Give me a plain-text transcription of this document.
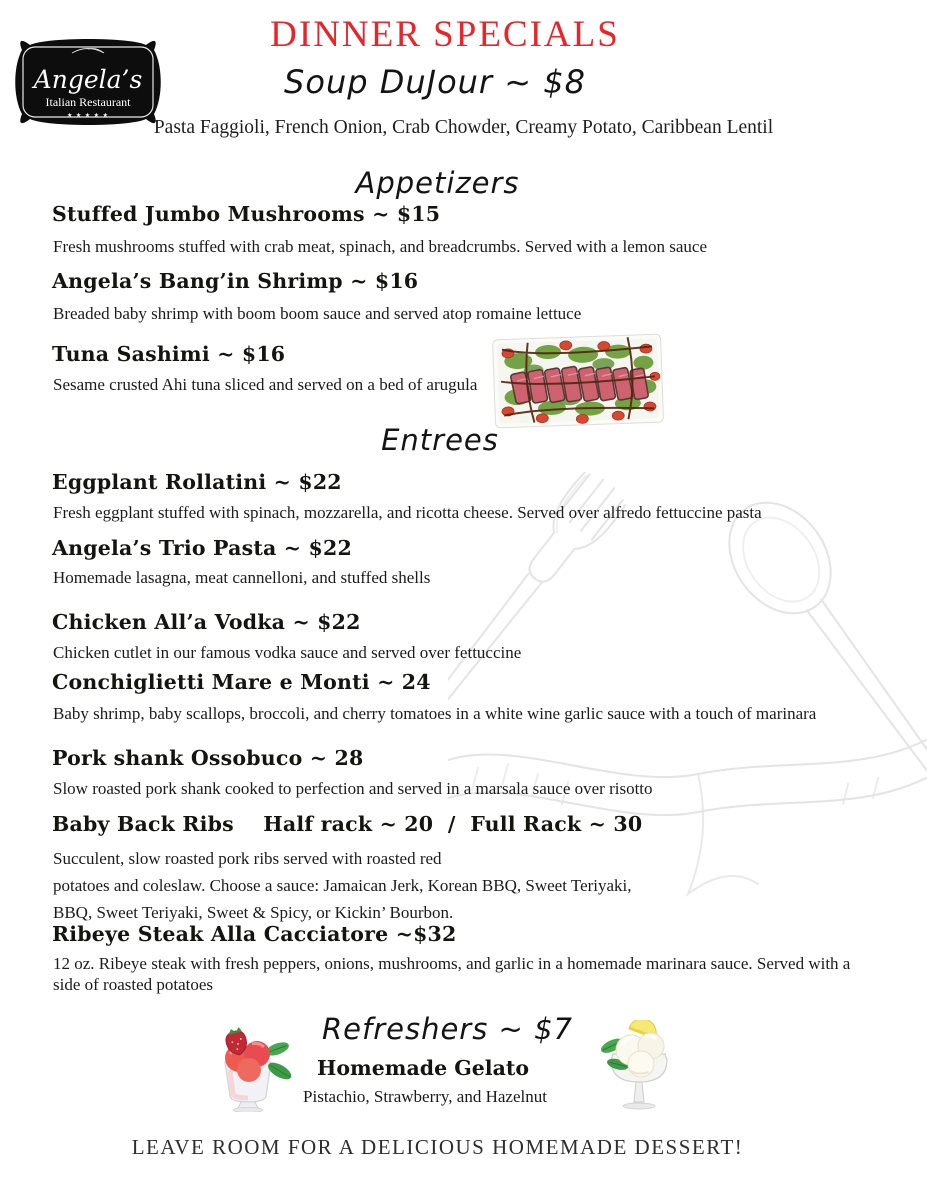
DINNER SPECIALS
Angela’s
Italian Restaurant
★ ★ ★ ★ ★
Soup DuJour ~ $8
Pasta Faggioli, French Onion, Crab Chowder, Creamy Potato, Caribbean Lentil
Appetizers
Stuffed Jumbo Mushrooms ~ $15
Fresh mushrooms stuffed with crab meat, spinach, and breadcrumbs. Served with a lemon sauce
Angela’s Bang’in Shrimp ~ $16
Breaded baby shrimp with boom boom sauce and served atop romaine lettuce
Tuna Sashimi ~ $16
Sesame crusted Ahi tuna sliced and served on a bed of arugula
Entrees
Eggplant Rollatini ~ $22
Fresh eggplant stuffed with spinach, mozzarella, and ricotta cheese. Served over alfredo fettuccine pasta
Angela’s Trio Pasta ~ $22
Homemade lasagna, meat cannelloni, and stuffed shells
Chicken All’a Vodka ~ $22
Chicken cutlet in our famous vodka sauce and served over fettuccine
Conchiglietti Mare e Monti ~ 24
Baby shrimp, baby scallops, broccoli, and cherry tomatoes in a white wine garlic sauce with a touch of marinara
Pork shank Ossobuco ~ 28
Slow roasted pork shank cooked to perfection and served in a marsala sauce over risotto
Baby Back Ribs    Half rack ~ 20  /  Full Rack ~ 30
Succulent, slow roasted pork ribs served with roasted red
potatoes and coleslaw. Choose a sauce: Jamaican Jerk, Korean BBQ, Sweet Teriyaki,
BBQ, Sweet Teriyaki, Sweet & Spicy, or Kickin’ Bourbon.
Ribeye Steak Alla Cacciatore ~$32
12 oz. Ribeye steak with fresh peppers, onions, mushrooms, and garlic in a homemade marinara sauce. Served with a side of roasted potatoes
Refreshers ~ $7
Homemade Gelato
Pistachio, Strawberry, and Hazelnut
LEAVE ROOM FOR A DELICIOUS HOMEMADE DESSERT!
